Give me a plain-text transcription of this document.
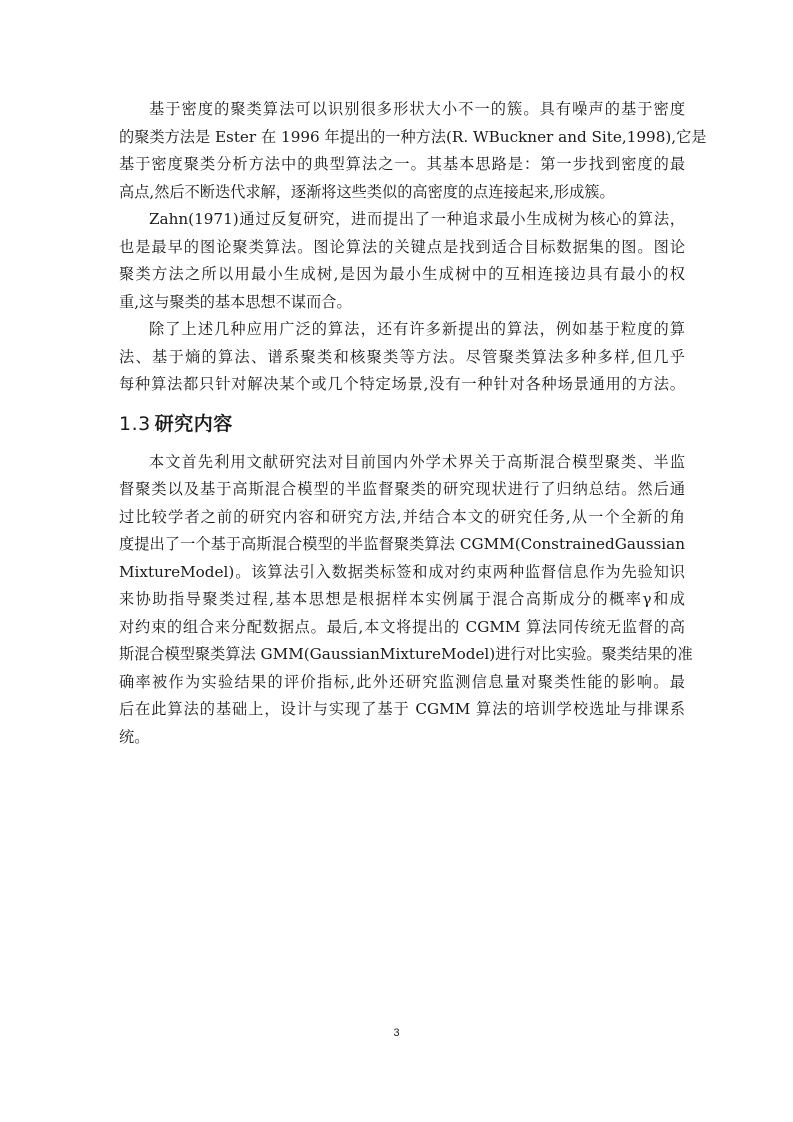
基于密度的聚类算法可以识别很多形状大小不一的簇。具有噪声的基于密度
的聚类方法是 Ester 在 1996 年提出的一种方法(R. WBuckner and Site,1998),它是
基于密度聚类分析方法中的典型算法之一。其基本思路是：第一步找到密度的最
高点,然后不断迭代求解，逐渐将这些类似的高密度的点连接起来,形成簇。

Zahn(1971)通过反复研究，进而提出了一种追求最小生成树为核心的算法，
也是最早的图论聚类算法。图论算法的关键点是找到适合目标数据集的图。图论
聚类方法之所以用最小生成树,是因为最小生成树中的互相连接边具有最小的权
重,这与聚类的基本思想不谋而合。

除了上述几种应用广泛的算法，还有许多新提出的算法，例如基于粒度的算
法、基于熵的算法、谱系聚类和核聚类等方法。尽管聚类算法多种多样,但几乎
每种算法都只针对解决某个或几个特定场景,没有一种针对各种场景通用的方法。

1.3 研究内容

本文首先利用文献研究法对目前国内外学术界关于高斯混合模型聚类、半监
督聚类以及基于高斯混合模型的半监督聚类的研究现状进行了归纳总结。然后通
过比较学者之前的研究内容和研究方法,并结合本文的研究任务,从一个全新的角
度提出了一个基于高斯混合模型的半监督聚类算法 CGMM(ConstrainedGaussian
MixtureModel)。该算法引入数据类标签和成对约束两种监督信息作为先验知识
来协助指导聚类过程,基本思想是根据样本实例属于混合高斯成分的概率γ和成
对约束的组合来分配数据点。最后,本文将提出的 CGMM 算法同传统无监督的高
斯混合模型聚类算法 GMM(GaussianMixtureModel)进行对比实验。聚类结果的准
确率被作为实验结果的评价指标,此外还研究监测信息量对聚类性能的影响。最
后在此算法的基础上，设计与实现了基于 CGMM 算法的培训学校选址与排课系
统。

3
